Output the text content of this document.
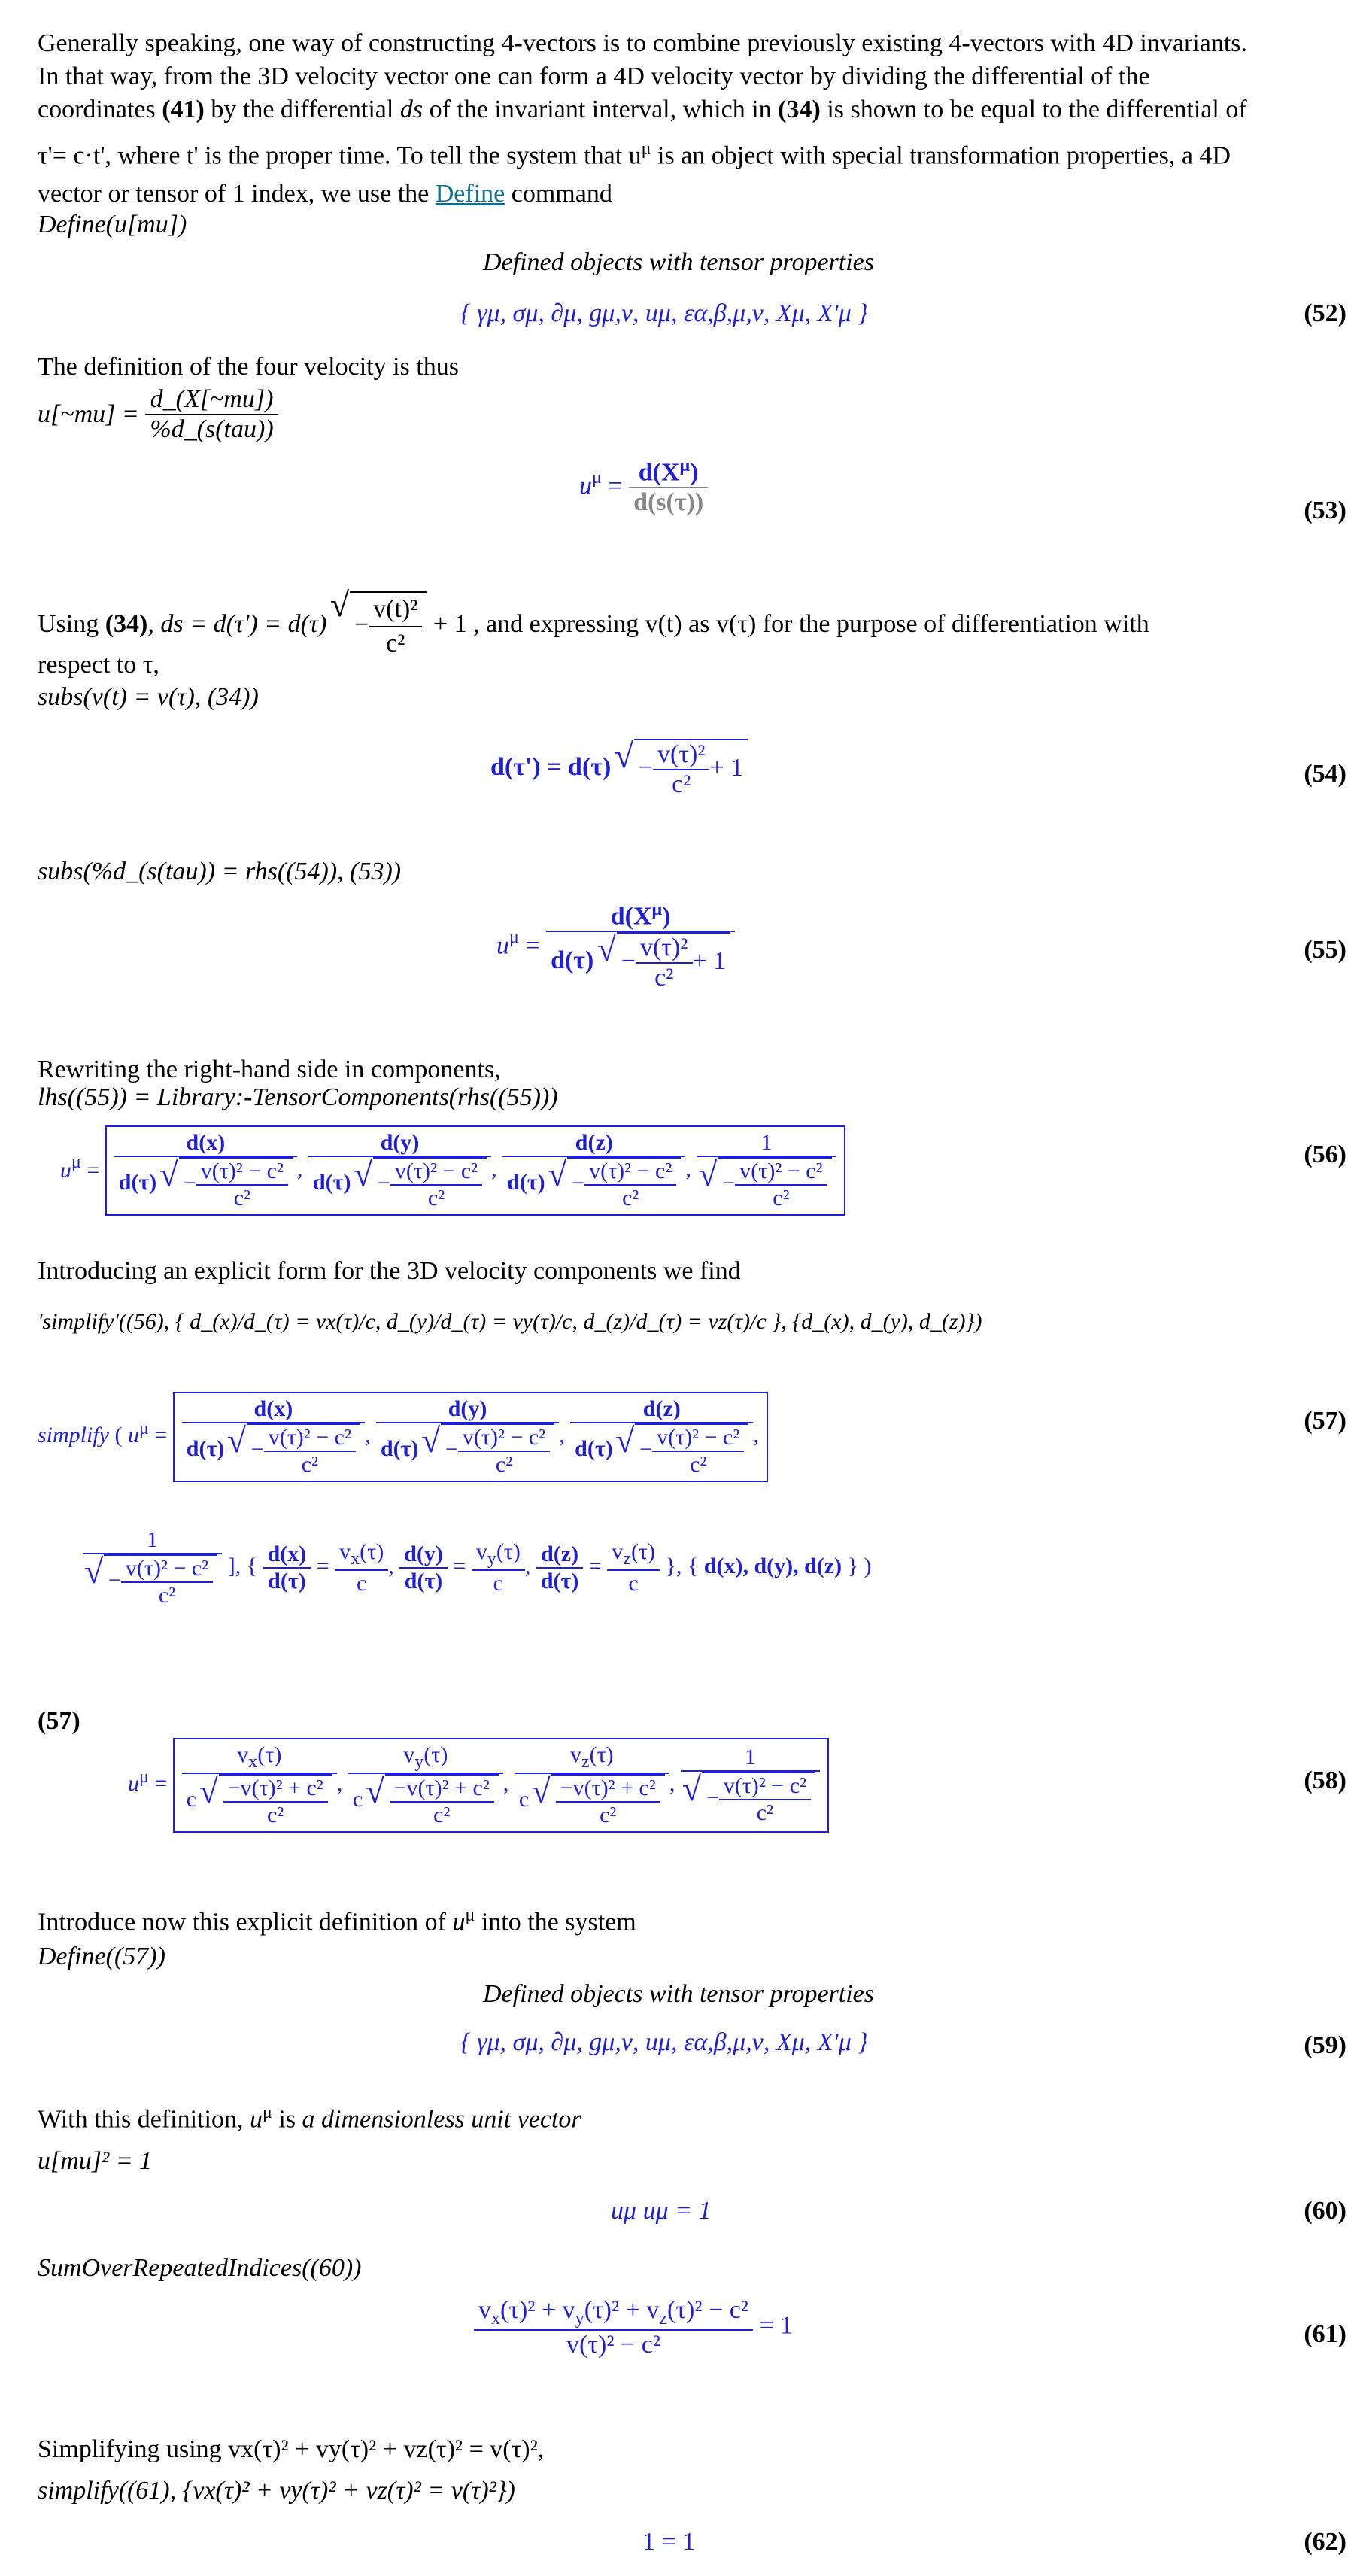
Generally speaking, one way of constructing 4-vectors is to combine previously existing 4-vectors with 4D invariants.
In that way, from the 3D velocity vector one can form a 4D velocity vector by dividing the differential of the
coordinates (41) by the differential ds of the invariant interval, which in (34) is shown to be equal to the differential of
τ'= c·t', where t' is the proper time. To tell the system that $u^\mu$ is an object with special transformation properties, a 4D
vector or tensor of 1 index, we use the Define command
Define(u[mu])
Defined objects with tensor properties
{ γμ, σμ, ∂μ, gμ,ν, uμ, εα,β,μ,ν, Xμ, X'μ }	(52)
The definition of the four velocity is thus
u[~mu] = $\frac{d\_(X[\sim mu])}{\text{\%d\_(s(tau))}}$
$u^\mu = \frac{d(X^\mu)}{d(s(\tau))}$	(53)
Using (34), ds = d(τ') = d(τ) √ − $\frac{\text{v(t)²}}{\text{c²}} + 1$ , and expressing v(t) as v(τ) for the purpose of differentiation with
respect to τ,
subs(v(t) = v(τ), (34))
d(τ') = d(τ) √ − $\frac{\text{v(τ)²}}{\text{c²}} + 1$	(54)
subs(%d_(s(tau)) = rhs((54)), (53))
$u^\mu = \frac{d(X^\mu)}{d(\tau) √ - \frac{\text{v(τ)²}}{\text{c²}} + 1}$	(55)
Rewriting the right-hand side in components,
lhs((55)) = Library:-TensorComponents(rhs((55)))
$u^\mu = \frac{d(x)}{d(\tau) √ - \frac{\text{v(τ)² − c²}}{\text{c²}}}$ , $\frac{d(y)}{d(\tau) √ - \frac{\text{v(τ)² − c²}}{\text{c²}}}$ , $\frac{d(z)}{d(\tau) √ - \frac{\text{v(τ)² − c²}}{\text{c²}}}$ , 1
√ − $\frac{\text{v(τ)² − c²}}{\text{c²}}$	(56)
Introducing an explicit form for the 3D velocity components we find
'simplify'((56), { d_(x)/d_(τ) = vx(τ)/c, d_(y)/d_(τ) = vy(τ)/c, d_(z)/d_(τ) = vz(τ)/c }, {d_(x), d_(y), d_(z)})
simplify ( $u^\mu = \frac{d(x)}{d(\tau) √ - \frac{\text{v(τ)² − c²}}{\text{c²}}}$ , $\frac{d(y)}{d(\tau) √ - \frac{\text{v(τ)² − c²}}{\text{c²}}}$ , $\frac{d(z)}{d(\tau) √ - \frac{\text{v(τ)² − c²}}{\text{c²}}}$ ,
1
√ − $\frac{\text{v(τ)² − c²}}{\text{c²}}$ ], { $\frac{d(x)}{d(\tau)} = \frac{v_x(\tau)}{c}$ , $\frac{d(y)}{d(\tau)} = \frac{v_y(\tau)}{c}$ , $\frac{d(z)}{d(\tau)} = \frac{v_z(\tau)}{c}$ }, { d(x), d(y), d(z) } )
(57)
(57)
$u^\mu = v_x(\tau)$
c
√ $\frac{\text{−v(τ)² + c²}}{\text{c²}}$ , $v_y(\tau)$
c
√ $\frac{\text{−v(τ)² + c²}}{\text{c²}}$ , $v_z(\tau)$
c
√ $\frac{\text{−v(τ)² + c²}}{\text{c²}}$ , 1
√ − $\frac{\text{v(τ)² − c²}}{\text{c²}}$	(58)
Introduce now this explicit definition of $u^\mu$ into the system
Define((57))
Defined objects with tensor properties
{ γμ, σμ, ∂μ, gμ,ν, uμ, εα,β,μ,ν, Xμ, X'μ }	(59)
With this definition, $u^\mu$ is a dimensionless unit vector
u[mu]² = 1
uμ uμ = 1	(60)
SumOverRepeatedIndices((60))
$\frac{v_x(\tau)^2 + v_y(\tau)^2 + v_z(\tau)^2 - c^2}{\text{v(τ)² − c²}} = 1$	(61)
Simplifying using vx(τ)² + vy(τ)² + vz(τ)² = v(τ)²,
simplify((61), {vx(τ)² + vy(τ)² + vz(τ)² = v(τ)²})
1 = 1	(62)
